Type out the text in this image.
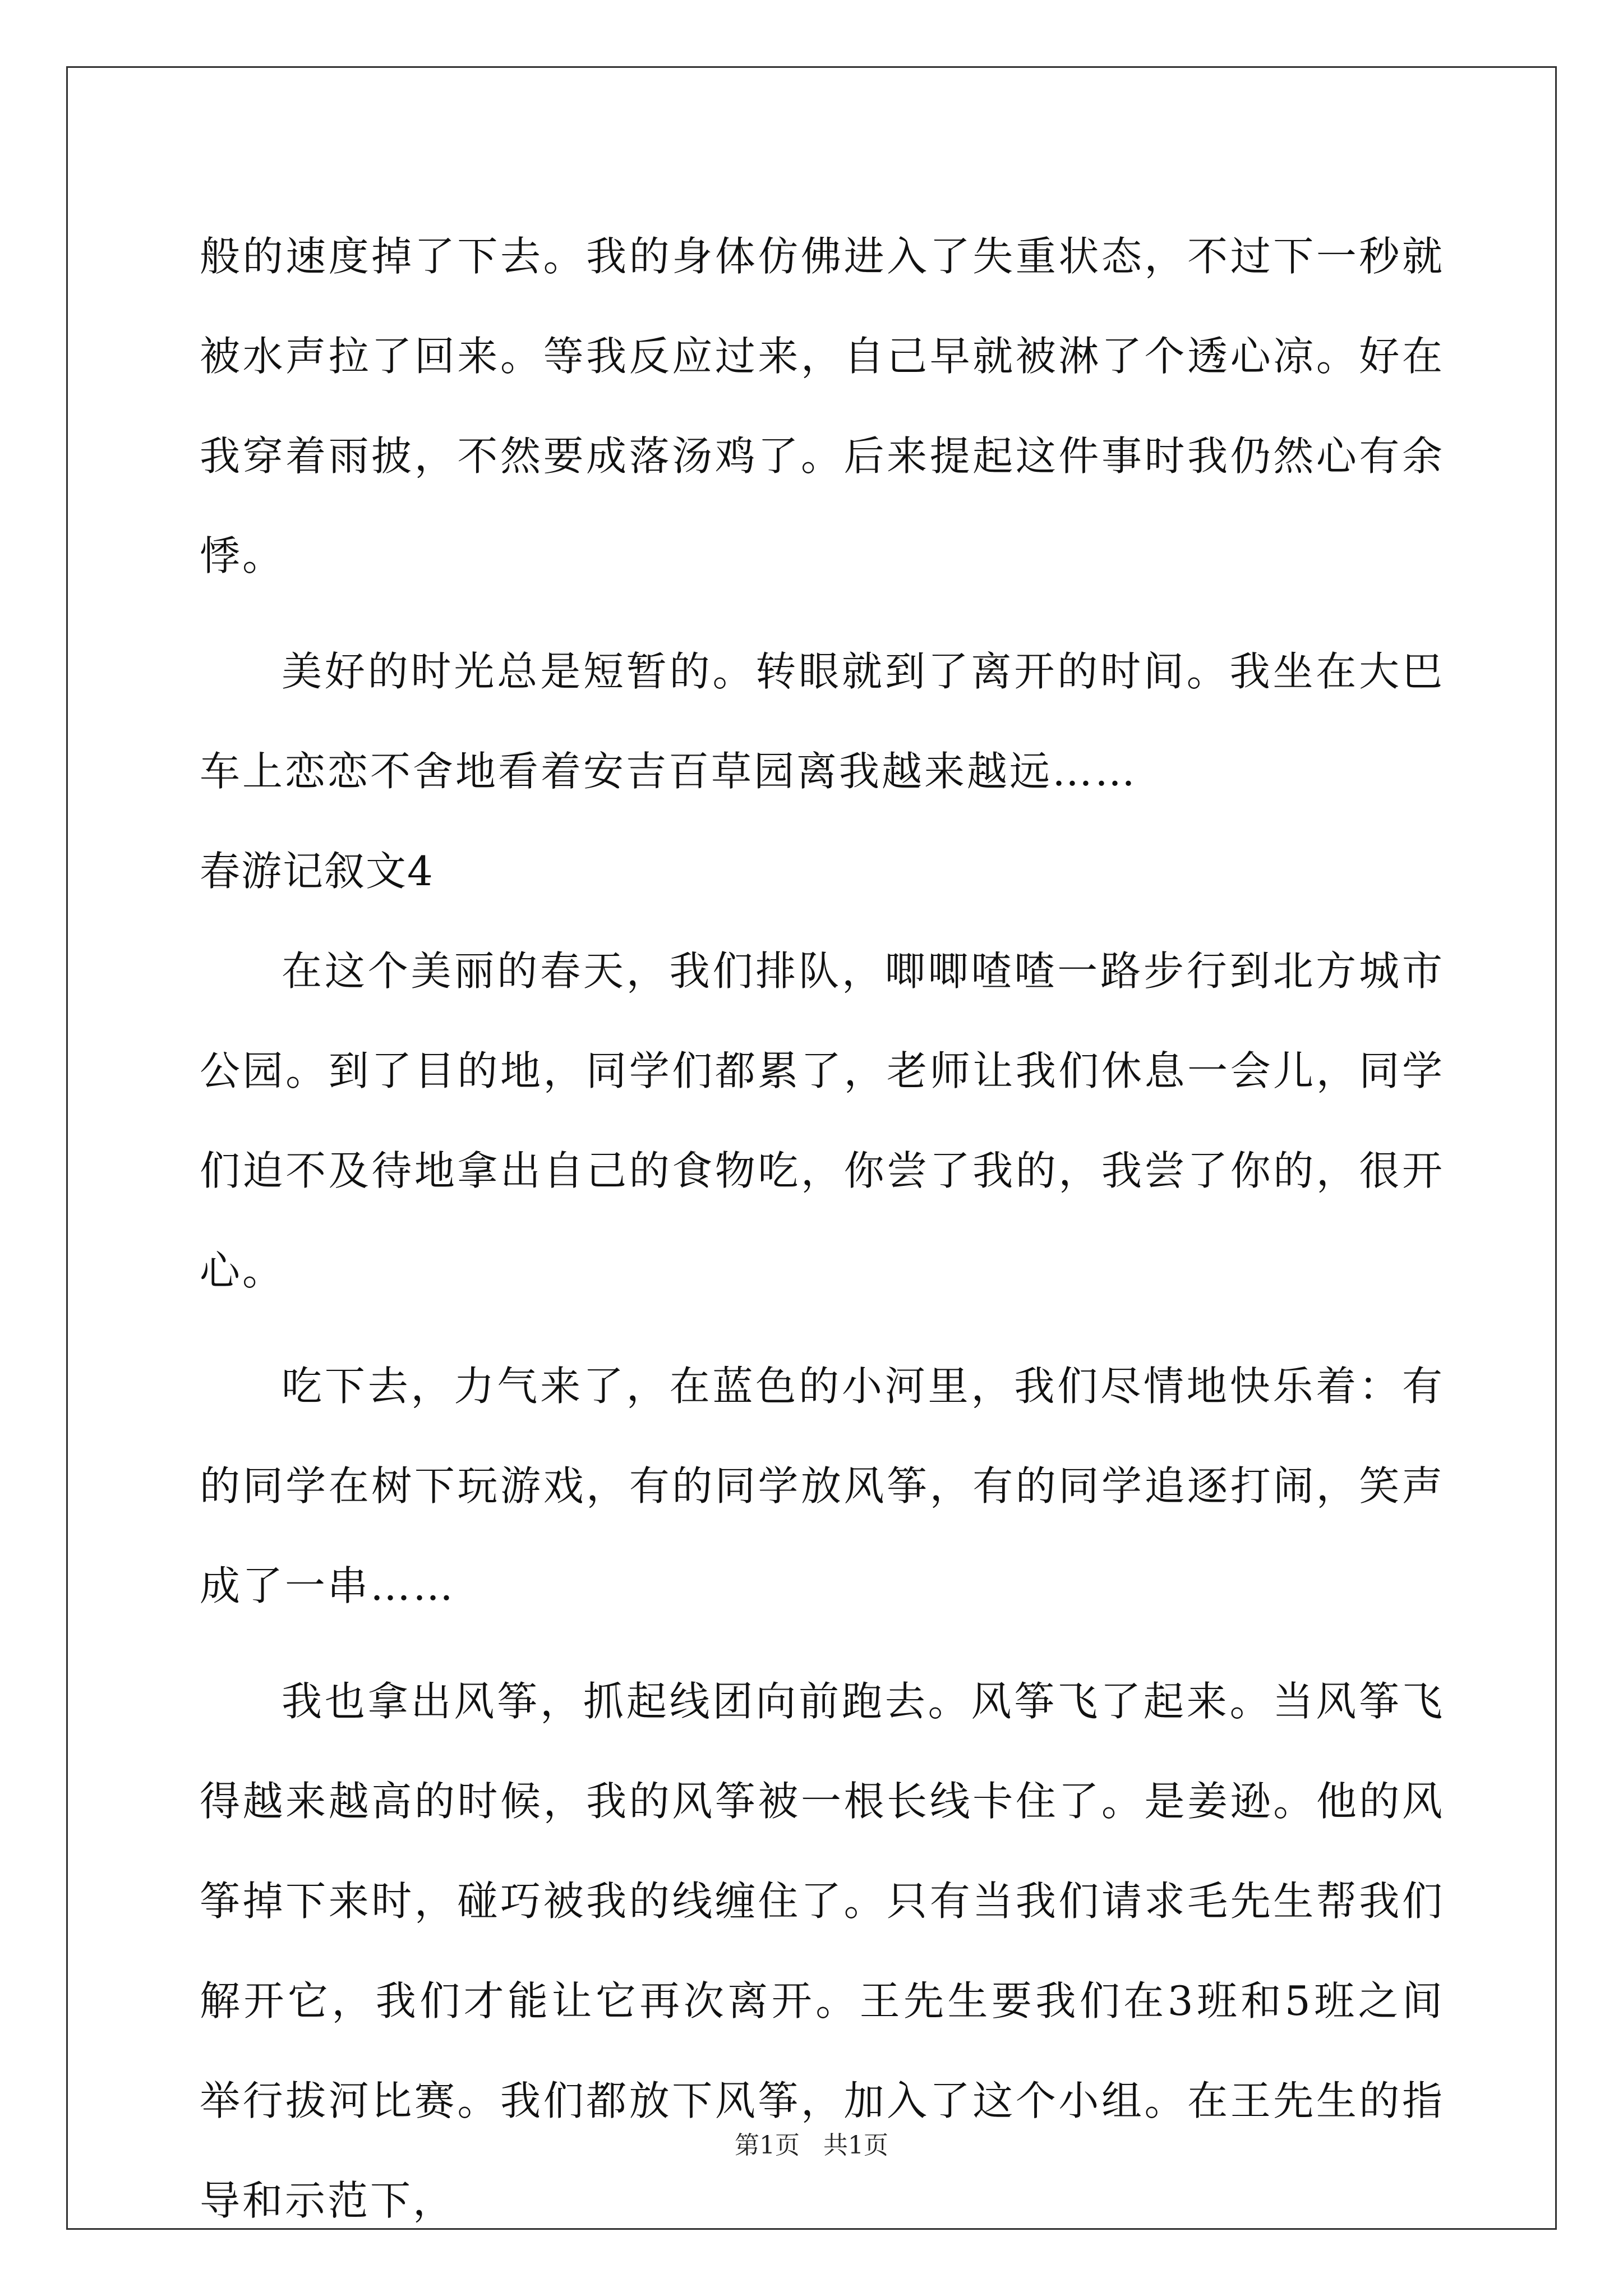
般的速度掉了下去。我的身体仿佛进入了失重状态，不过下一秒就被水声拉了回来。等我反应过来，自己早就被淋了个透心凉。好在我穿着雨披，不然要成落汤鸡了。后来提起这件事时我仍然心有余悸。

美好的时光总是短暂的。转眼就到了离开的时间。我坐在大巴车上恋恋不舍地看着安吉百草园离我越来越远……

春游记叙文4

在这个美丽的春天，我们排队，唧唧喳喳一路步行到北方城市公园。到了目的地，同学们都累了，老师让我们休息一会儿，同学们迫不及待地拿出自己的食物吃，你尝了我的，我尝了你的，很开心。

吃下去，力气来了，在蓝色的小河里，我们尽情地快乐着：有的同学在树下玩游戏，有的同学放风筝，有的同学追逐打闹，笑声成了一串……

我也拿出风筝，抓起线团向前跑去。风筝飞了起来。当风筝飞得越来越高的时候，我的风筝被一根长线卡住了。是姜逊。他的风筝掉下来时，碰巧被我的线缠住了。只有当我们请求毛先生帮我们解开它，我们才能让它再次离开。王先生要我们在3班和5班之间举行拔河比赛。我们都放下风筝，加入了这个小组。在王先生的指导和示范下，

第1页   共1页
